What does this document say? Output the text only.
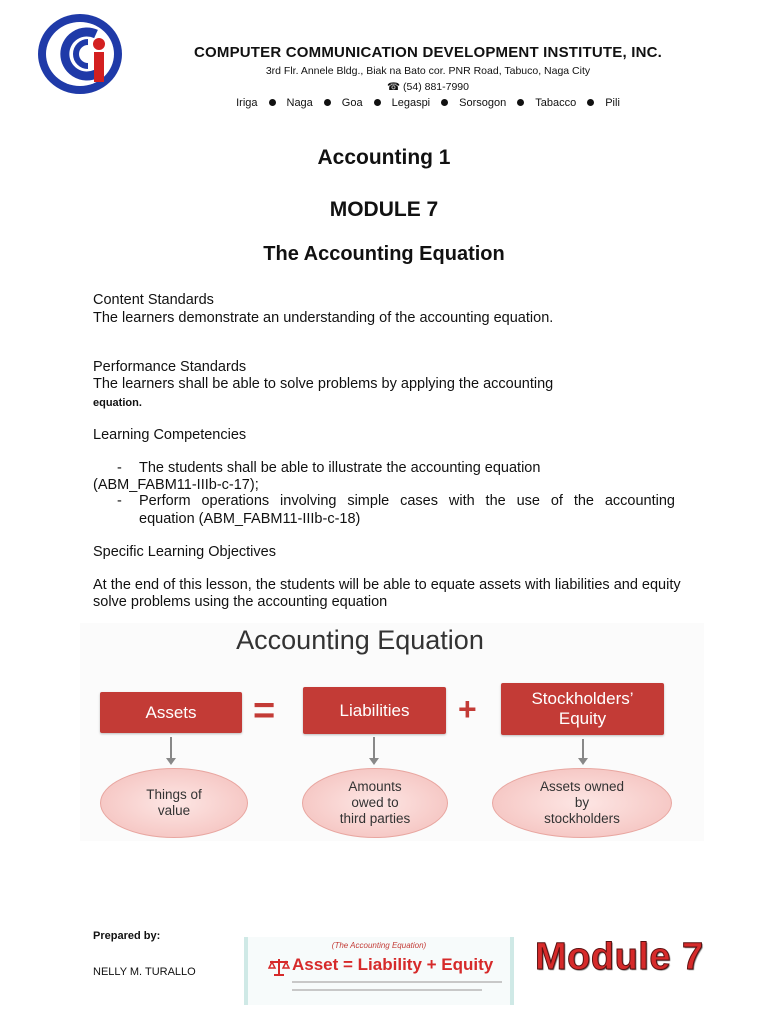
COMPUTER COMMUNICATION DEVELOPMENT INSTITUTE, INC.
3rd Flr. Annele Bldg., Biak na Bato cor. PNR Road, Tabuco, Naga City
☎ (54) 881-7990
Iriga	Naga	Goa	Legaspi	Sorsogon	Tabacco	Pili
Accounting 1
MODULE 7
The Accounting Equation
Content Standards
The learners demonstrate an understanding of the accounting equation.
Performance Standards
The learners shall be able to solve problems by applying the accounting
equation.
Learning Competencies
- The students shall be able to illustrate the accounting equation
(ABM_FABM11-IIIb-c-17);
- Perform operations involving simple cases with the use of the accounting
equation (ABM_FABM11-IIIb-c-18)
Specific Learning Objectives
At the end of this lesson, the students will be able to equate assets with liabilities and equity solve problems using the accounting equation
Accounting Equation
Assets	=	Liabilities	+	Stockholders’
Equity
Things of
value
Amounts
owed to
third parties
Assets owned
by
stockholders
Prepared by:
NELLY M. TURALLO
(The Accounting Equation)
Asset = Liability + Equity Module 7
